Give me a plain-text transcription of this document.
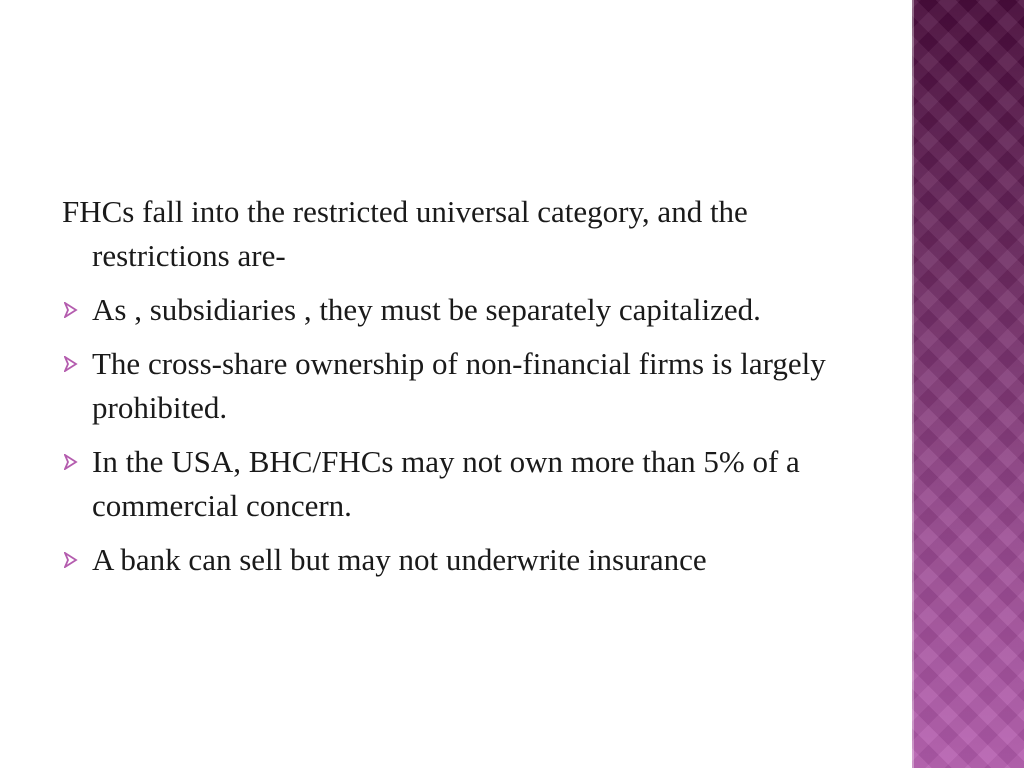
FHCs fall into the restricted universal category, and the restrictions are-

As , subsidiaries , they must be separately capitalized.
The cross-share ownership of non-financial firms is largely prohibited.
In the USA, BHC/FHCs may not own more than 5% of a commercial concern.
A bank can sell but may not underwrite insurance
